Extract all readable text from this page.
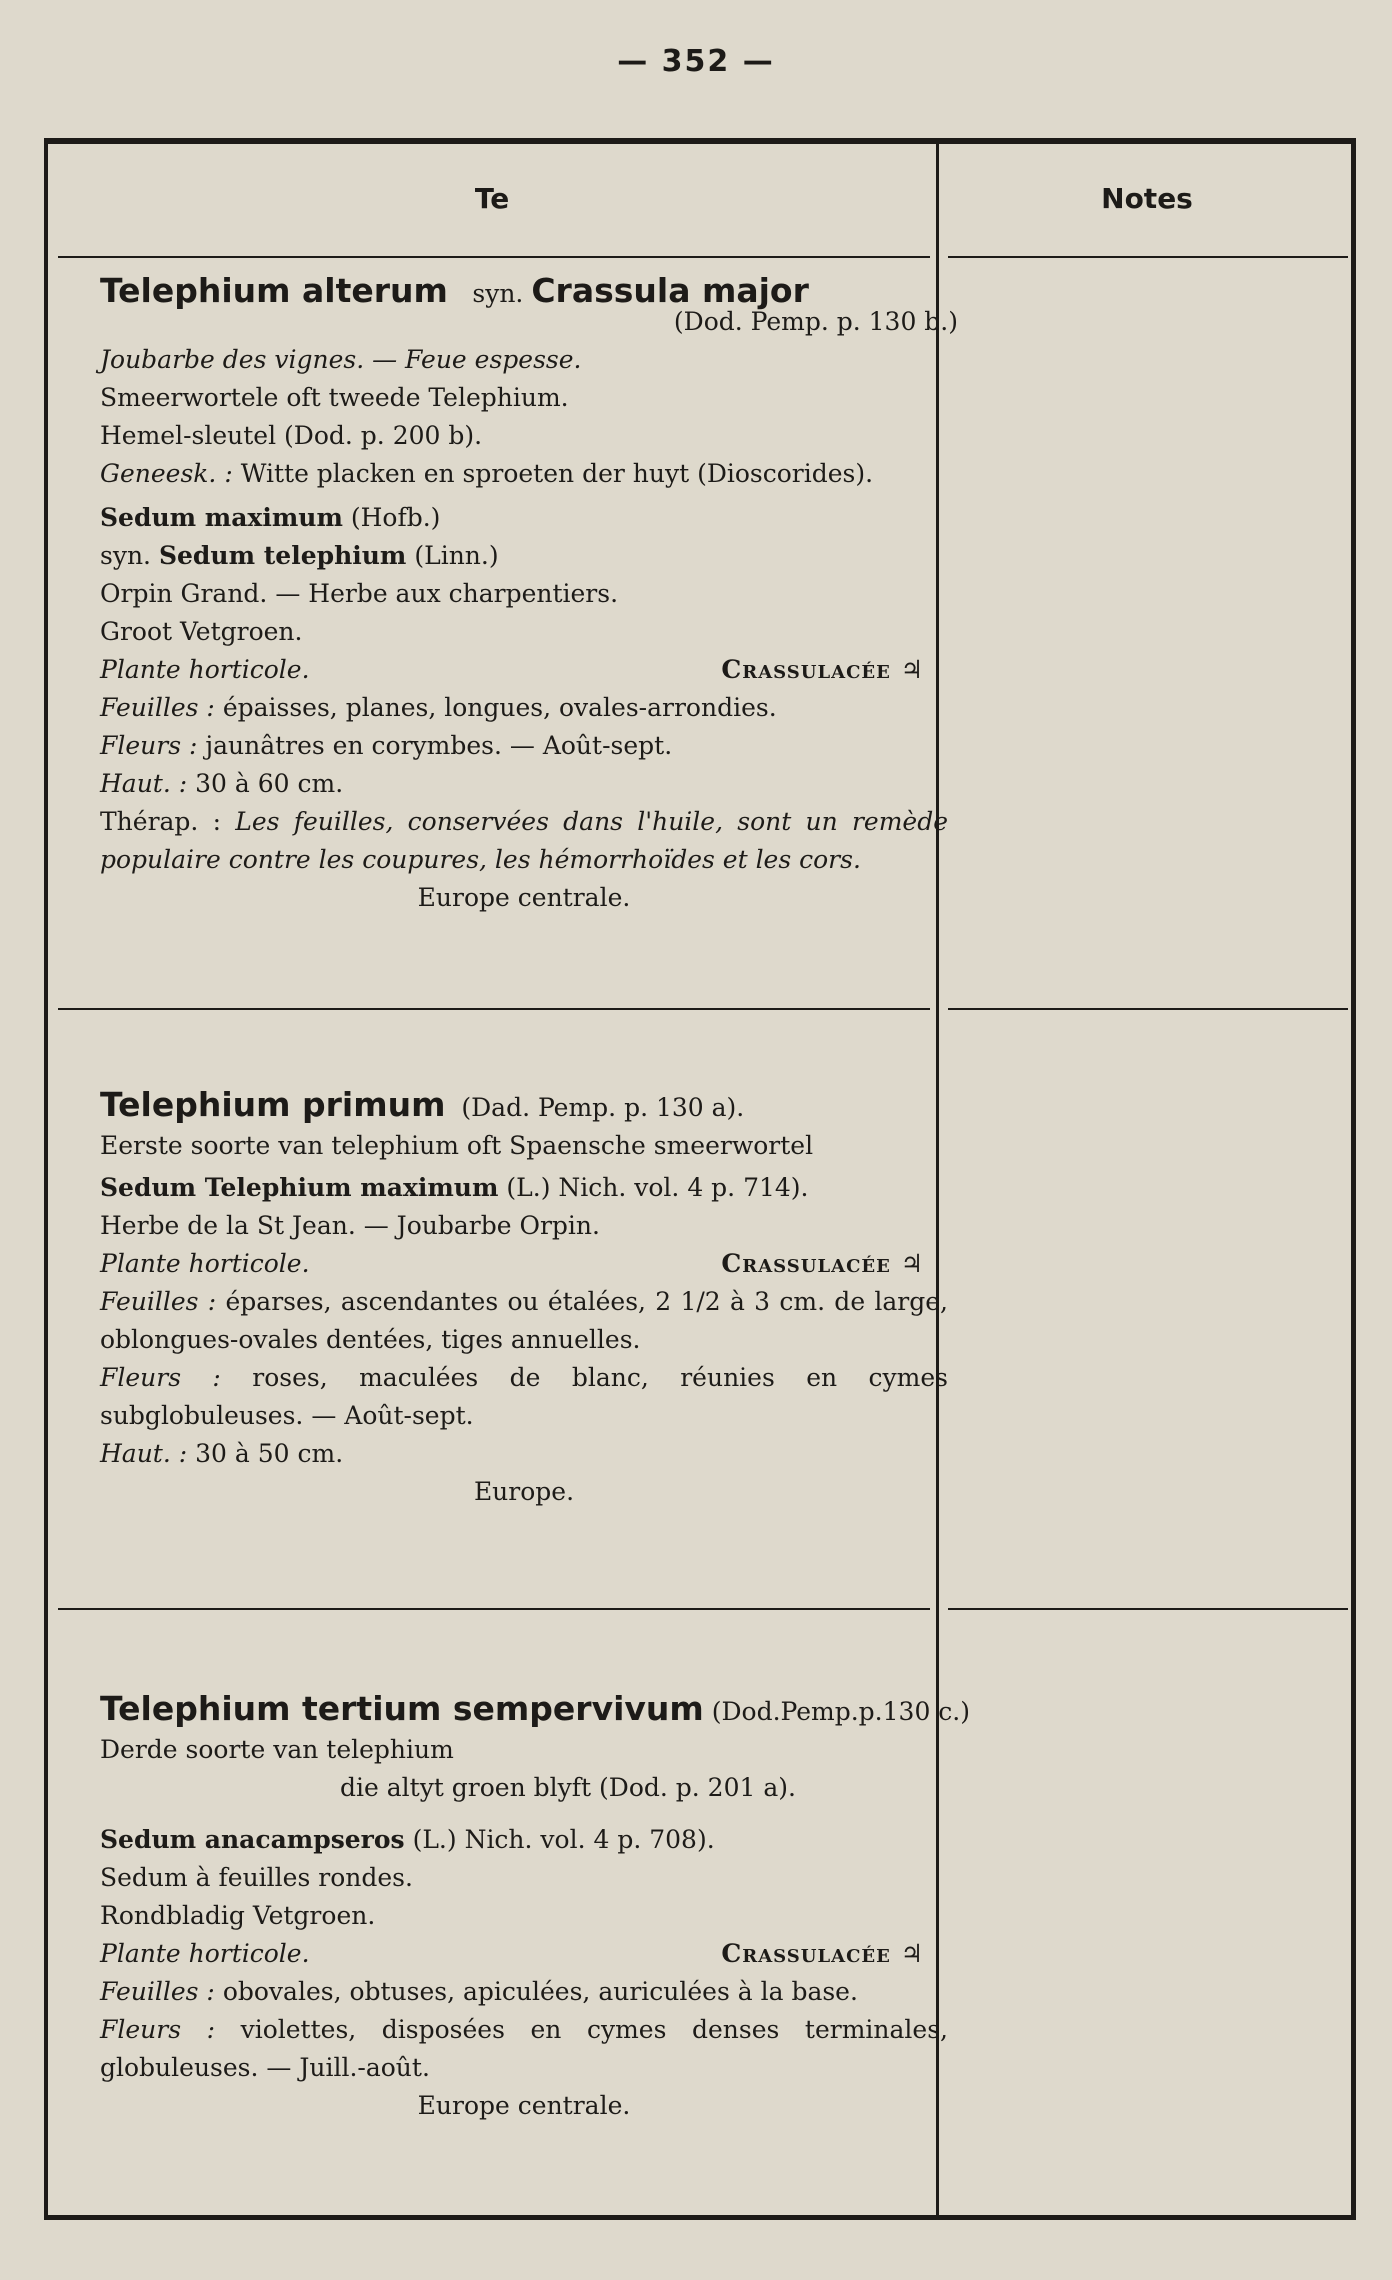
— 352 —
Te	Notes
Telephium alterum syn. Crassula major
(Dod. Pemp. p. 130 b.)
Joubarbe des vignes. — Feue espesse.
Smeerwortele oft tweede Telephium.
Hemel-sleutel (Dod. p. 200 b).
Geneesk. : Witte placken en sproeten der huyt (Dioscorides).
Sedum maximum (Hofb.)
syn. Sedum telephium (Linn.)
Orpin Grand. — Herbe aux charpentiers.
Groot Vetgroen.
Plante horticole.	Crassulacée ♃
Feuilles : épaisses, planes, longues, ovales-arrondies.
Fleurs : jaunâtres en corymbes. — Août-sept.
Haut. : 30 à 60 cm.
Thérap. : Les feuilles, conservées dans l'huile, sont un remède populaire contre les coupures, les hémorrhoïdes et les cors.
Europe centrale.
Telephium primum (Dad. Pemp. p. 130 a).
Eerste soorte van telephium oft Spaensche smeerwortel
Sedum Telephium maximum (L.) Nich. vol. 4 p. 714).
Herbe de la St Jean. — Joubarbe Orpin.
Plante horticole.	Crassulacée ♃
Feuilles : éparses, ascendantes ou étalées, 2 1/2 à 3 cm. de large, oblongues-ovales dentées, tiges annuelles.
Fleurs : roses, maculées de blanc, réunies en cymes subglobuleuses. — Août-sept.
Haut. : 30 à 50 cm.
Europe.
Telephium tertium sempervivum (Dod.Pemp.p.130 c.)
Derde soorte van telephium
die altyt groen blyft (Dod. p. 201 a).
Sedum anacampseros (L.) Nich. vol. 4 p. 708).
Sedum à feuilles rondes.
Rondbladig Vetgroen.
Plante horticole.	Crassulacée ♃
Feuilles : obovales, obtuses, apiculées, auriculées à la base.
Fleurs : violettes, disposées en cymes denses terminales, globuleuses. — Juill.-août.
Europe centrale.
